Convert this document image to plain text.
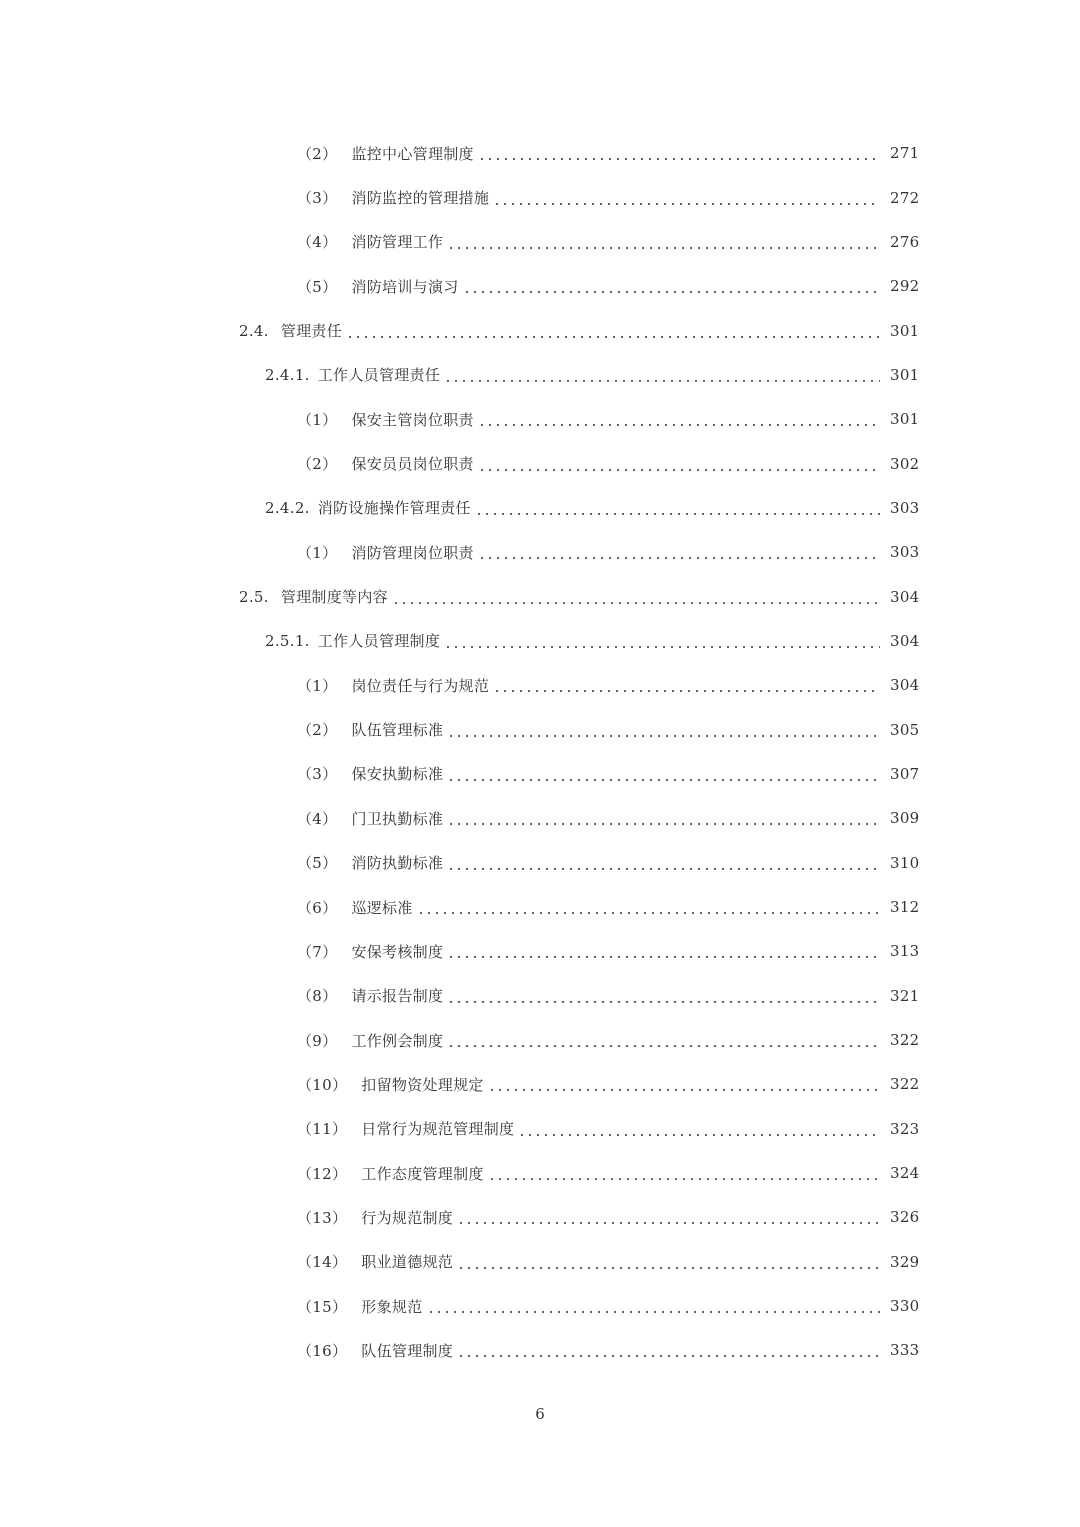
（2） 监控中心管理制度	271
（3） 消防监控的管理措施	272
（4） 消防管理工作	276
（5） 消防培训与演习	292
2.4. 管理责任	301
2.4.1. 工作人员管理责任	301
（1） 保安主管岗位职责	301
（2） 保安员员岗位职责	302
2.4.2. 消防设施操作管理责任	303
（1） 消防管理岗位职责	303
2.5. 管理制度等内容	304
2.5.1. 工作人员管理制度	304
（1） 岗位责任与行为规范	304
（2） 队伍管理标准	305
（3） 保安执勤标准	307
（4） 门卫执勤标准	309
（5） 消防执勤标准	310
（6） 巡逻标准	312
（7） 安保考核制度	313
（8） 请示报告制度	321
（9） 工作例会制度	322
（10） 扣留物资处理规定	322
（11） 日常行为规范管理制度	323
（12） 工作态度管理制度	324
（13） 行为规范制度	326
（14） 职业道德规范	329
（15） 形象规范	330
（16） 队伍管理制度	333
6
